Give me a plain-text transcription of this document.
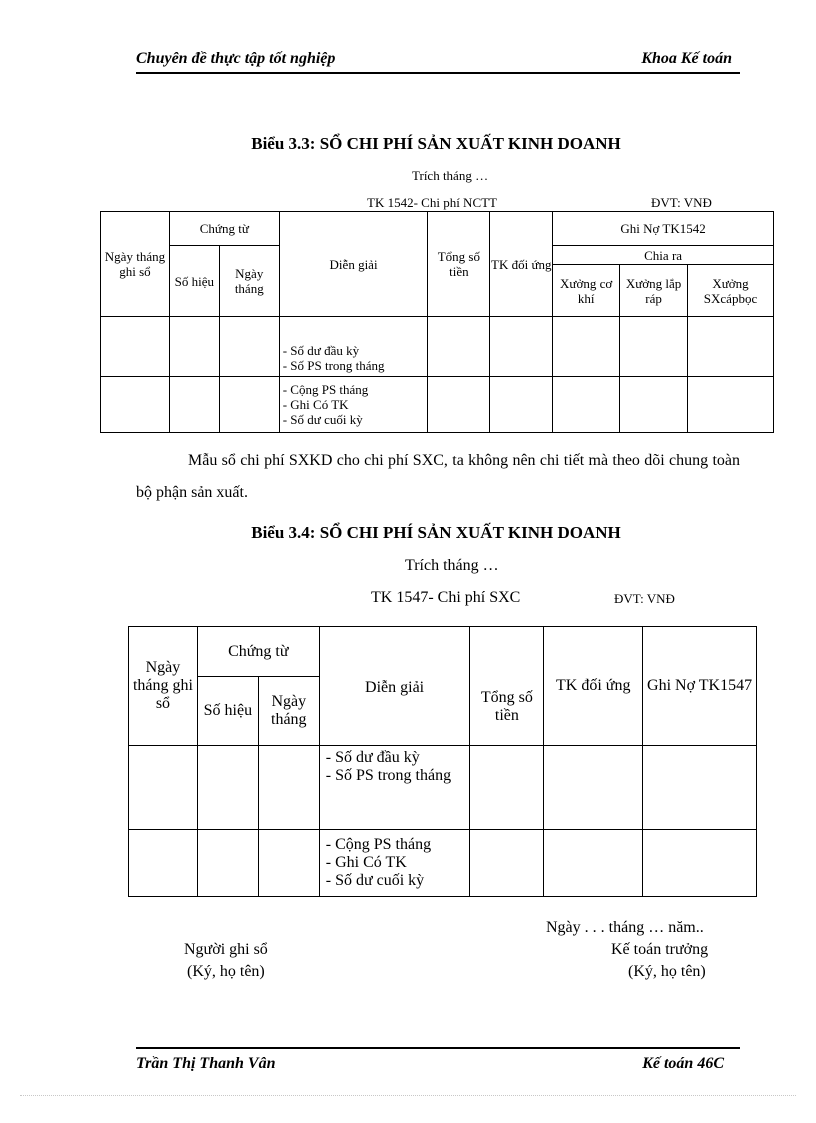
Chuyên đề thực tập tốt nghiệp	Khoa Kế toán
Biểu 3.3: SỔ CHI PHÍ SẢN XUẤT KINH DOANH
Trích tháng …
TK 1542- Chi phí NCTT	ĐVT: VNĐ
Ngày tháng ghi sổ	Chứng từ		Diễn giải	Tổng số tiền	TK đối ứng	Ghi Nợ TK1542		
	Số hiệu	Ngày tháng				Chia ra		
						Xưởng cơ khí	Xưởng lắp ráp	Xưởng SXcápbọc

			- Số dư đầu kỳ
- Số PS trong tháng					

			- Cộng PS tháng
- Ghi Có TK
- Số dư cuối kỳ					

Mẫu sổ chi phí SXKD cho chi phí SXC, ta không nên chi tiết mà theo dõi chung toàn bộ phận sản xuất.
Biểu 3.4: SỔ CHI PHÍ SẢN XUẤT KINH DOANH
Trích tháng …
TK 1547- Chi phí SXC	ĐVT: VNĐ
Ngày tháng ghi sổ	Chứng từ		Diễn giải	Tổng số tiền	TK đối ứng	Ghi Nợ TK1547
	Số hiệu	Ngày tháng				

			- Số dư đầu kỳ
- Số PS trong tháng			

			- Cộng PS tháng
- Ghi Có TK
- Số dư cuối kỳ			

Ngày . . . tháng … năm..
Người ghi sổ
(Ký, họ tên)
Kế toán trưởng
(Ký, họ tên)
Trần Thị Thanh Vân	Kế toán 46C
